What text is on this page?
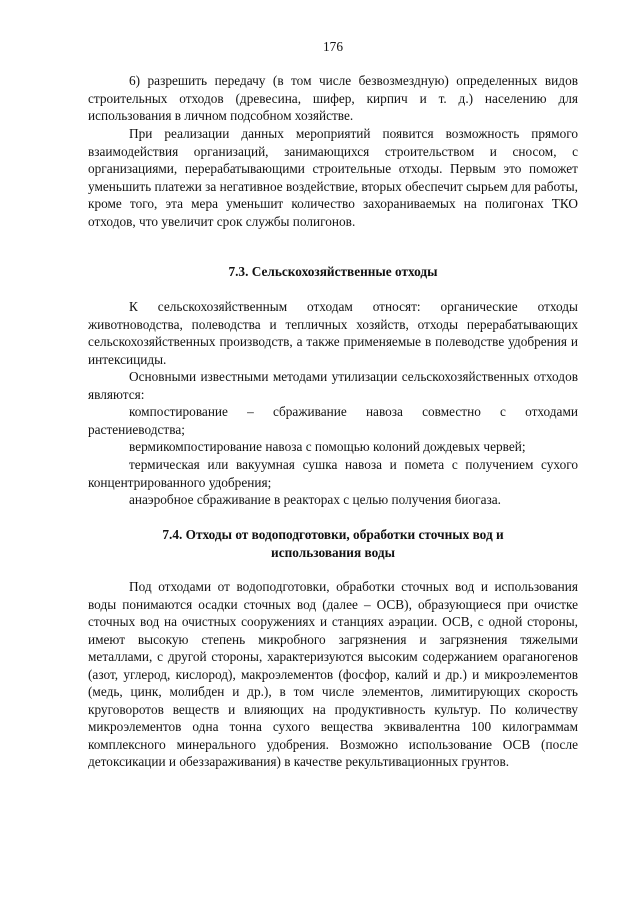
176

6) разрешить передачу (в том числе безвозмездную) определенных видов строительных отходов (древесина, шифер, кирпич и т. д.) населению для использования в личном подсобном хозяйстве.

При реализации данных мероприятий появится возможность прямого взаимодействия организаций, занимающихся строительством и сносом, с организациями, перерабатывающими строительные отходы. Первым это поможет уменьшить платежи за негативное воздействие, вторых обеспечит сырьем для работы, кроме того, эта мера уменьшит количество захораниваемых на полигонах ТКО отходов, что увеличит срок службы полигонов.

7.3. Сельскохозяйственные отходы

К сельскохозяйственным отходам относят: органические отходы животноводства, полеводства и тепличных хозяйств, отходы перерабатывающих сельскохозяйственных производств, а также применяемые в полеводстве удобрения и интексициды.

Основными известными методами утилизации сельскохозяйственных отходов являются:

компостирование – сбраживание навоза совместно с отходами растениеводства;

вермикомпостирование навоза с помощью колоний дождевых червей;

термическая или вакуумная сушка навоза и помета с получением сухого концентрированного удобрения;

анаэробное сбраживание в реакторах с целью получения биогаза.

7.4. Отходы от водоподготовки, обработки сточных вод и
использования воды

Под отходами от водоподготовки, обработки сточных вод и использования воды понимаются осадки сточных вод (далее – ОСВ), образующиеся при очистке сточных вод на очистных сооружениях и станциях аэрации. ОСВ, с одной стороны, имеют высокую степень микробного загрязнения и загрязнения тяжелыми металлами, с другой стороны, характеризуются высоким содержанием ораганогенов (азот, углерод, кислород), макроэлементов (фосфор, калий и др.) и микроэлементов (медь, цинк, молибден и др.), в том числе элементов, лимитирующих скорость круговоротов веществ и влияющих на продуктивность культур. По количеству микроэлементов одна тонна сухого вещества эквивалентна 100 килограммам комплексного минерального удобрения. Возможно использование ОСВ (после детоксикации и обеззараживания) в качестве рекультивационных грунтов.
